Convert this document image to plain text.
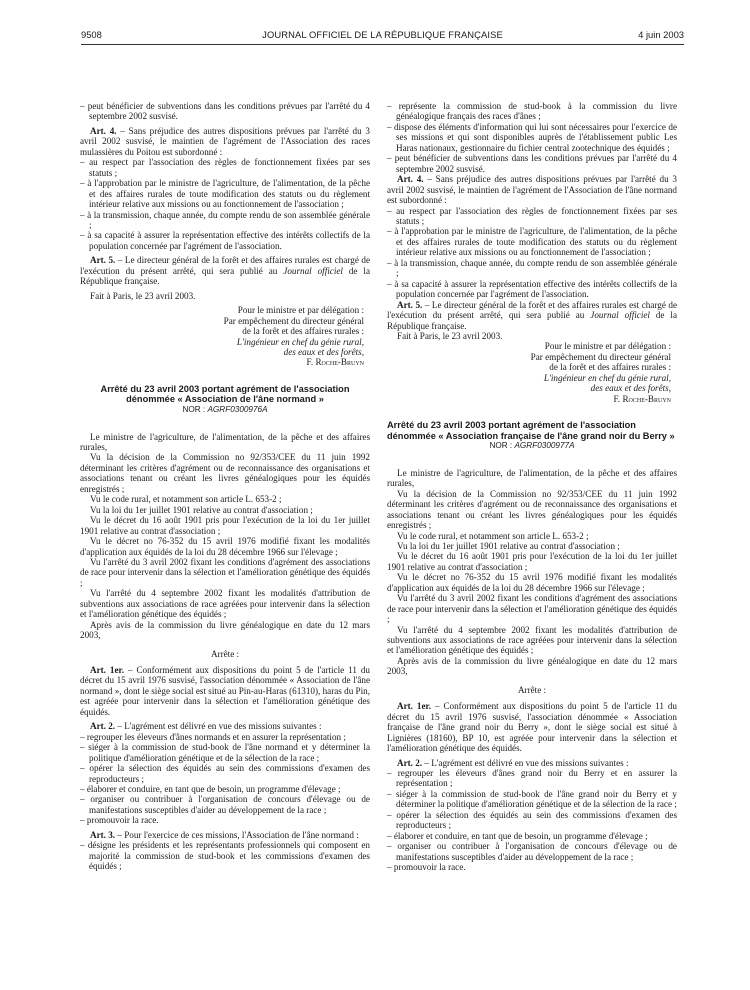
9508	JOURNAL OFFICIEL DE LA RÉPUBLIQUE FRANÇAISE	4 juin 2003

– peut bénéficier de subventions dans les conditions prévues par l'arrêté du 4 septembre 2002 susvisé.

Art. 4. – Sans préjudice des autres dispositions prévues par l'arrêté du 3 avril 2002 susvisé, le maintien de l'agrément de l'Association des races mulassières du Poitou est subordonné :

– au respect par l'association des règles de fonctionnement fixées par ses statuts ;

– à l'approbation par le ministre de l'agriculture, de l'alimentation, de la pêche et des affaires rurales de toute modification des statuts ou du règlement intérieur relative aux missions ou au fonctionnement de l'association ;

– à la transmission, chaque année, du compte rendu de son assemblée générale ;

– à sa capacité à assurer la représentation effective des intérêts collectifs de la population concernée par l'agrément de l'association.

Art. 5. – Le directeur général de la forêt et des affaires rurales est chargé de l'exécution du présent arrêté, qui sera publié au Journal officiel de la République française.

Fait à Paris, le 23 avril 2003.

Pour le ministre et par délégation :
Par empêchement du directeur général
de la forêt et des affaires rurales :
L'ingénieur en chef du génie rural,
des eaux et des forêts,
F. Roche-Bruyn

Arrêté du 23 avril 2003 portant agrément de l'association dénommée « Association de l'âne normand »

NOR : AGRF0300976A

Le ministre de l'agriculture, de l'alimentation, de la pêche et des affaires rurales,

Vu la décision de la Commission no 92/353/CEE du 11 juin 1992 déterminant les critères d'agrément ou de reconnaissance des organisations et associations tenant ou créant les livres généalogiques pour les équidés enregistrés ;

Vu le code rural, et notamment son article L. 653-2 ;

Vu la loi du 1er juillet 1901 relative au contrat d'association ;

Vu le décret du 16 août 1901 pris pour l'exécution de la loi du 1er juillet 1901 relative au contrat d'association ;

Vu le décret no 76-352 du 15 avril 1976 modifié fixant les modalités d'application aux équidés de la loi du 28 décembre 1966 sur l'élevage ;

Vu l'arrêté du 3 avril 2002 fixant les conditions d'agrément des associations de race pour intervenir dans la sélection et l'amélioration génétique des équidés ;

Vu l'arrêté du 4 septembre 2002 fixant les modalités d'attribution de subventions aux associations de race agréées pour intervenir dans la sélection et l'amélioration génétique des équidés ;

Après avis de la commission du livre généalogique en date du 12 mars 2003,

Arrête :

Art. 1er. – Conformément aux dispositions du point 5 de l'article 11 du décret du 15 avril 1976 susvisé, l'association dénommée « Association de l'âne normand », dont le siège social est situé au Pin-au-Haras (61310), haras du Pin, est agréée pour intervenir dans la sélection et l'amélioration génétique des équidés.

Art. 2. – L'agrément est délivré en vue des missions suivantes :

– regrouper les éleveurs d'ânes normands et en assurer la représentation ;

– siéger à la commission de stud-book de l'âne normand et y déterminer la politique d'amélioration génétique et de la sélection de la race ;

– opérer la sélection des équidés au sein des commissions d'examen des reproducteurs ;

– élaborer et conduire, en tant que de besoin, un programme d'élevage ;

– organiser ou contribuer à l'organisation de concours d'élevage ou de manifestations susceptibles d'aider au développement de la race ;

– promouvoir la race.

Art. 3. – Pour l'exercice de ces missions, l'Association de l'âne normand :

– désigne les présidents et les représentants professionnels qui composent en majorité la commission de stud-book et les commissions d'examen des équidés ;

– représente la commission de stud-book à la commission du livre généalogique français des races d'ânes ;

– dispose des éléments d'information qui lui sont nécessaires pour l'exercice de ses missions et qui sont disponibles auprès de l'établissement public Les Haras nationaux, gestionnaire du fichier central zootechnique des équidés ;

– peut bénéficier de subventions dans les conditions prévues par l'arrêté du 4 septembre 2002 susvisé.

Art. 4. – Sans préjudice des autres dispositions prévues par l'arrêté du 3 avril 2002 susvisé, le maintien de l'agrément de l'Association de l'âne normand est subordonné :

– au respect par l'association des règles de fonctionnement fixées par ses statuts ;

– à l'approbation par le ministre de l'agriculture, de l'alimentation, de la pêche et des affaires rurales de toute modification des statuts ou du règlement intérieur relative aux missions ou au fonctionnement de l'association ;

– à la transmission, chaque année, du compte rendu de son assemblée générale ;

– à sa capacité à assurer la représentation effective des intérêts collectifs de la population concernée par l'agrément de l'association.

Art. 5. – Le directeur général de la forêt et des affaires rurales est chargé de l'exécution du présent arrêté, qui sera publié au Journal officiel de la République française.

Fait à Paris, le 23 avril 2003.

Pour le ministre et par délégation :
Par empêchement du directeur général
de la forêt et des affaires rurales :
L'ingénieur en chef du génie rural,
des eaux et des forêts,
F. Roche-Bruyn

Arrêté du 23 avril 2003 portant agrément de l'association dénommée « Association française de l'âne grand noir du Berry »

NOR : AGRF0300977A

Le ministre de l'agriculture, de l'alimentation, de la pêche et des affaires rurales,

Vu la décision de la Commission no 92/353/CEE du 11 juin 1992 déterminant les critères d'agrément ou de reconnaissance des organisations et associations tenant ou créant les livres généalogiques pour les équidés enregistrés ;

Vu le code rural, et notamment son article L. 653-2 ;

Vu la loi du 1er juillet 1901 relative au contrat d'association ;

Vu le décret du 16 août 1901 pris pour l'exécution de la loi du 1er juillet 1901 relative au contrat d'association ;

Vu le décret no 76-352 du 15 avril 1976 modifié fixant les modalités d'application aux équidés de la loi du 28 décembre 1966 sur l'élevage ;

Vu l'arrêté du 3 avril 2002 fixant les conditions d'agrément des associations de race pour intervenir dans la sélection et l'amélioration génétique des équidés ;

Vu l'arrêté du 4 septembre 2002 fixant les modalités d'attribution de subventions aux associations de race agréées pour intervenir dans la sélection et l'amélioration génétique des équidés ;

Après avis de la commission du livre généalogique en date du 12 mars 2003,

Arrête :

Art. 1er. – Conformément aux dispositions du point 5 de l'article 11 du décret du 15 avril 1976 susvisé, l'association dénommée « Association française de l'âne grand noir du Berry », dont le siège social est situé à Lignières (18160), BP 10, est agréée pour intervenir dans la sélection et l'amélioration génétique des équidés.

Art. 2. – L'agrément est délivré en vue des missions suivantes :

– regrouper les éleveurs d'ânes grand noir du Berry et en assurer la représentation ;

– siéger à la commission de stud-book de l'âne grand noir du Berry et y déterminer la politique d'amélioration génétique et de la sélection de la race ;

– opérer la sélection des équidés au sein des commissions d'examen des reproducteurs ;

– élaborer et conduire, en tant que de besoin, un programme d'élevage ;

– organiser ou contribuer à l'organisation de concours d'élevage ou de manifestations susceptibles d'aider au développement de la race ;

– promouvoir la race.
